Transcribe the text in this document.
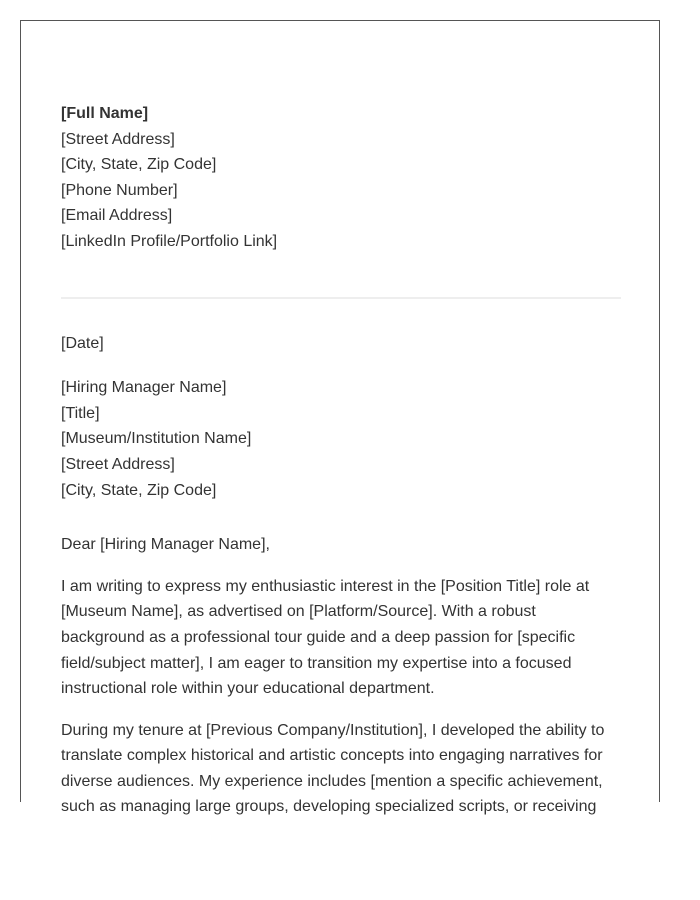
[Full Name]
[Street Address]
[City, State, Zip Code]
[Phone Number]
[Email Address]
[LinkedIn Profile/Portfolio Link]
[Date]
[Hiring Manager Name]
[Title]
[Museum/Institution Name]
[Street Address]
[City, State, Zip Code]
Dear [Hiring Manager Name],

I am writing to express my enthusiastic interest in the [Position Title] role at [Museum Name], as advertised on [Platform/Source]. With a robust background as a professional tour guide and a deep passion for [specific field/subject matter], I am eager to transition my expertise into a focused instructional role within your educational department.

During my tenure at [Previous Company/Institution], I developed the ability to translate complex historical and artistic concepts into engaging narratives for diverse audiences. My experience includes [mention a specific achievement, such as managing large groups, developing specialized scripts, or receiving
